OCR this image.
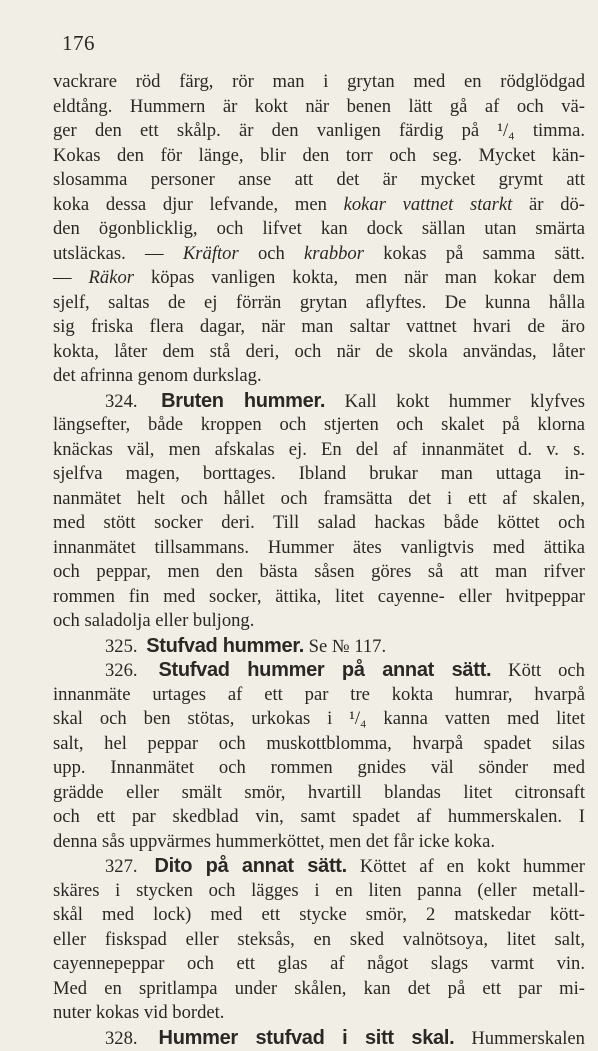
176
vackrare röd färg, rör man i grytan med en rödglödgad
eldtång. Hummern är kokt när benen lätt gå af och vä-
ger den ett skålp. är den vanligen färdig på ¹/₄ timma.
Kokas den för länge, blir den torr och seg. Mycket kän-
slosamma personer anse att det är mycket grymt att
koka dessa djur lefvande, men kokar vattnet starkt är dö-
den ögonblicklig, och lifvet kan dock sällan utan smärta
utsläckas. — Kräftor och krabbor kokas på samma sätt.
— Räkor köpas vanligen kokta, men när man kokar dem
sjelf, saltas de ej förrän grytan aflyftes. De kunna hålla
sig friska flera dagar, när man saltar vattnet hvari de äro
kokta, låter dem stå deri, och när de skola användas, låter
det afrinna genom durkslag.
324. Bruten hummer. Kall kokt hummer klyfves
längsefter, både kroppen och stjerten och skalet på klorna
knäckas väl, men afskalas ej. En del af innanmätet d. v. s.
sjelfva magen, borttages. Ibland brukar man uttaga in-
nanmätet helt och hållet och framsätta det i ett af skalen,
med stött socker deri. Till salad hackas både köttet och
innanmätet tillsammans. Hummer ätes vanligtvis med ättika
och peppar, men den bästa såsen göres så att man rifver
rommen fin med socker, ättika, litet cayenne- eller hvitpeppar
och saladolja eller buljong.
325. Stufvad hummer. Se № 117.
326. Stufvad hummer på annat sätt. Kött och
innanmäte urtages af ett par tre kokta humrar, hvarpå
skal och ben stötas, urkokas i ¹/₄ kanna vatten med litet
salt, hel peppar och muskottblomma, hvarpå spadet silas
upp. Innanmätet och rommen gnides väl sönder med
grädde eller smält smör, hvartill blandas litet citronsaft
och ett par skedblad vin, samt spadet af hummerskalen. I
denna sås uppvärmes hummerköttet, men det får icke koka.
327. Dito på annat sätt. Köttet af en kokt hummer
skäres i stycken och lägges i en liten panna (eller metall-
skål med lock) med ett stycke smör, 2 matskedar kött-
eller fiskspad eller steksås, en sked valnötsoya, litet salt,
cayennepeppar och ett glas af något slags varmt vin.
Med en spritlampa under skålen, kan det på ett par mi-
nuter kokas vid bordet.
328. Hummer stufvad i sitt skal. Hummerskalen
